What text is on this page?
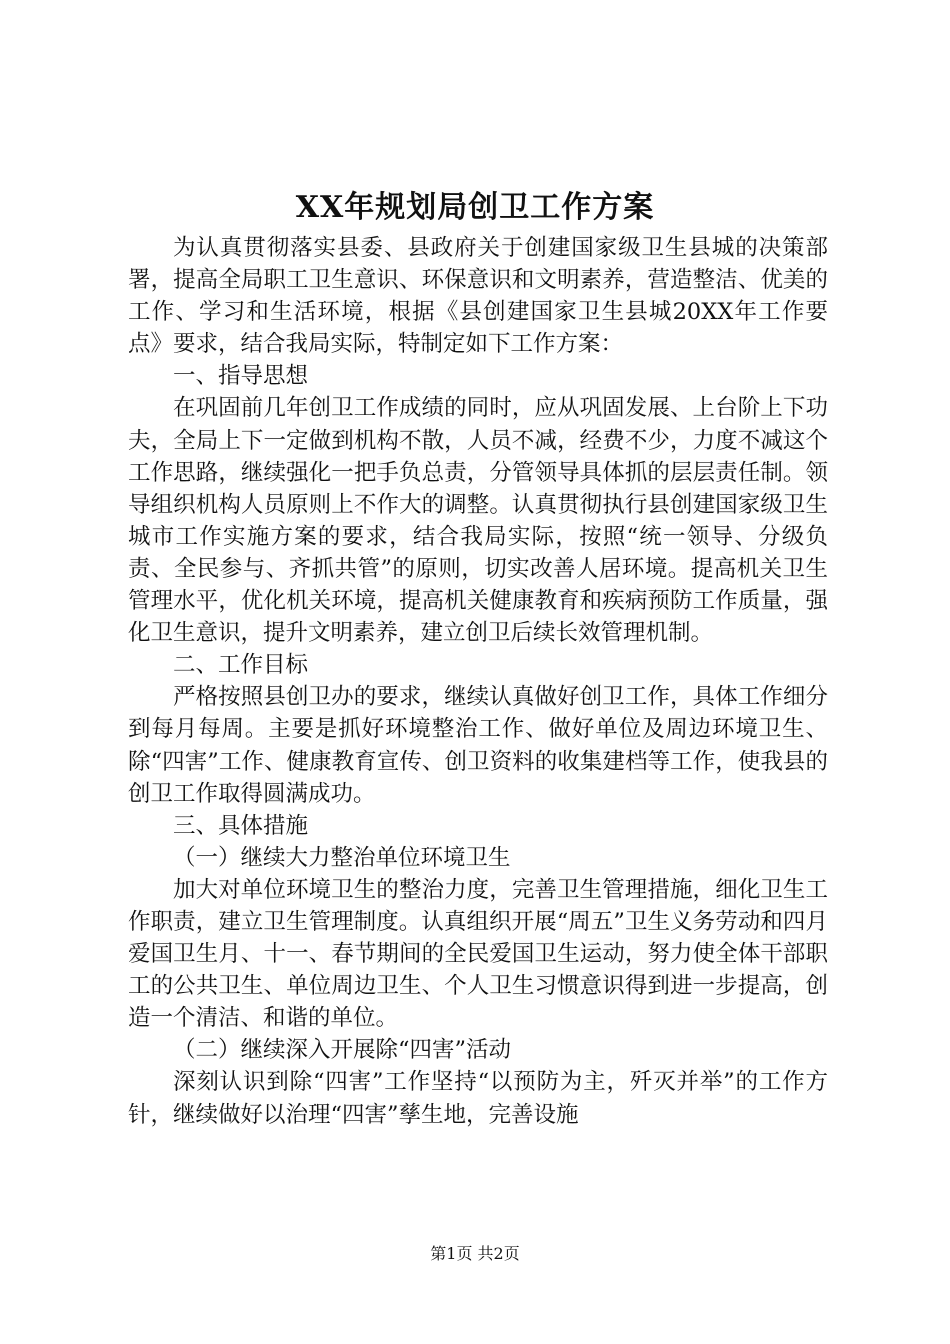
XX年规划局创卫工作方案

为认真贯彻落实县委、县政府关于创建国家级卫生县城的决策部署，提高全局职工卫生意识、环保意识和文明素养，营造整洁、优美的工作、学习和生活环境，根据《县创建国家卫生县城20XX年工作要点》要求，结合我局实际，特制定如下工作方案：

一、指导思想

在巩固前几年创卫工作成绩的同时，应从巩固发展、上台阶上下功夫，全局上下一定做到机构不散，人员不减，经费不少，力度不减这个工作思路，继续强化一把手负总责，分管领导具体抓的层层责任制。领导组织机构人员原则上不作大的调整。认真贯彻执行县创建国家级卫生城市工作实施方案的要求，结合我局实际，按照“统一领导、分级负责、全民参与、齐抓共管”的原则，切实改善人居环境。提高机关卫生管理水平，优化机关环境，提高机关健康教育和疾病预防工作质量，强化卫生意识，提升文明素养，建立创卫后续长效管理机制。

二、工作目标

严格按照县创卫办的要求，继续认真做好创卫工作，具体工作细分到每月每周。主要是抓好环境整治工作、做好单位及周边环境卫生、除“四害”工作、健康教育宣传、创卫资料的收集建档等工作，使我县的创卫工作取得圆满成功。

三、具体措施

（一）继续大力整治单位环境卫生

加大对单位环境卫生的整治力度，完善卫生管理措施，细化卫生工作职责，建立卫生管理制度。认真组织开展“周五”卫生义务劳动和四月爱国卫生月、十一、春节期间的全民爱国卫生运动，努力使全体干部职工的公共卫生、单位周边卫生、个人卫生习惯意识得到进一步提高，创造一个清洁、和谐的单位。

（二）继续深入开展除“四害”活动

深刻认识到除“四害”工作坚持“以预防为主，歼灭并举”的工作方针，继续做好以治理“四害”孳生地，完善设施

第1页 共2页
